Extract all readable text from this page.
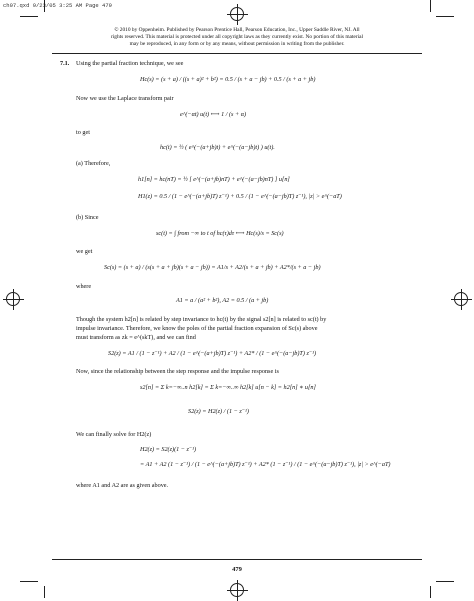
ch07.qxd 9/23/05 3:25 AM Page 479
© 2010 by Oppenheim. Published by Pearson Prentice Hall, Pearson Education, Inc., Upper Saddle River, NJ. All rights reserved. This material is protected under all copyright laws as they currently exist. No portion of this material may be reproduced, in any form or by any means, without permission in writing from the publisher.
7.1. Using the partial fraction technique, we see
Hc(s) = (s + a) / ((s + a)² + b²) = 0.5 / (s + a − jb) + 0.5 / (s + a + jb)
Now we use the Laplace transform pair
e^(−αt) u(t) ⟷ 1 / (s + α)
to get
hc(t) = ½ ( e^(−(a+jb)t) + e^(−(a−jb)t) ) u(t).
(a) Therefore,
h1[n] = hc(nT) = ½ [ e^(−(a+jb)nT) + e^(−(a−jb)nT) ] u[n]
H1(z) = 0.5 / (1 − e^(−(a+jb)T) z⁻¹) + 0.5 / (1 − e^(−(a−jb)T) z⁻¹), |z| > e^(−aT)
(b) Since
sc(t) = ∫ from −∞ to t of hc(τ)dτ ⟷ Hc(s)/s = Sc(s)
we get
Sc(s) = (s + a) / (s(s + a + jb)(s + a − jb)) = A1/s + A2/(s + a + jb) + A2*/(s + a − jb)
where
A1 = a / (a² + b²), A2 = 0.5 / (a + jb)
Though the system h2[n] is related by step invariance to hc(t) by the signal s2[n] is related to sc(t) by
impulse invariance. Therefore, we know the poles of the partial fraction expansion of Sc(s) above
must transform as zk = e^(skT), and we can find
S2(z) = A1 / (1 − z⁻¹) + A2 / (1 − e^(−(a+jb)T) z⁻¹) + A2* / (1 − e^(−(a−jb)T) z⁻¹)
Now, since the relationship between the step response and the impulse response is
s2[n] = Σ k=−∞..n h2[k] = Σ k=−∞..∞ h2[k] u[n − k] = h2[n] ∗ u[n]
S2(z) = H2(z) / (1 − z⁻¹)
We can finally solve for H2(z)
H2(z) = S2(z)(1 − z⁻¹)
= A1 + A2 (1 − z⁻¹) / (1 − e^(−(a+jb)T) z⁻¹) + A2* (1 − z⁻¹) / (1 − e^(−(a−jb)T) z⁻¹), |z| > e^(−aT)
where A1 and A2 are as given above.
479
